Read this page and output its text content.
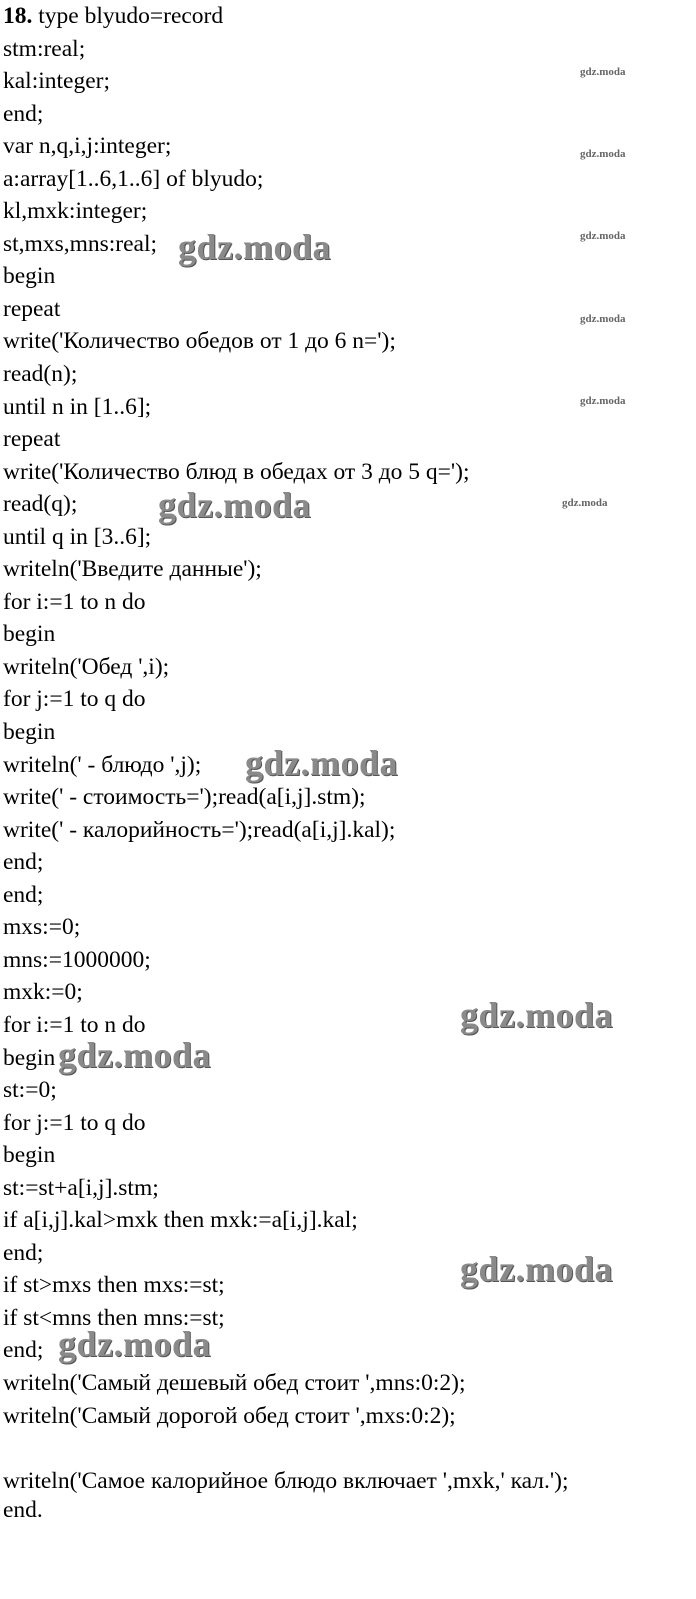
18. type blyudo=record
stm:real;
kal:integer;
end;
var n,q,i,j:integer;
a:array[1..6,1..6] of blyudo;
kl,mxk:integer;
st,mxs,mns:real;
begin
repeat
write('Количество обедов от 1 до 6 n=');
read(n);
until n in [1..6];
repeat
write('Количество блюд в обедах от 3 до 5 q=');
read(q);
until q in [3..6];
writeln('Введите данные');
for i:=1 to n do
begin
writeln('Обед ',i);
for j:=1 to q do
begin
writeln(' - блюдо ',j);
write(' - стоимость=');read(a[i,j].stm);
write(' - калорийность=');read(a[i,j].kal);
end;
end;
mxs:=0;
mns:=1000000;
mxk:=0;
for i:=1 to n do
begin
st:=0;
for j:=1 to q do
begin
st:=st+a[i,j].stm;
if a[i,j].kal>mxk then mxk:=a[i,j].kal;
end;
if st>mxs then mxs:=st;
if st<mns then mns:=st;
end;
writeln('Самый дешевый обед стоит ',mns:0:2);
writeln('Самый дорогой обед стоит ',mxs:0:2);
writeln('Самое калорийное блюдо включает ',mxk,' кал.');
end.
gdz.moda
gdz.moda
gdz.moda
gdz.moda
gdz.moda
gdz.moda
gdz.moda
gdz.moda
gdz.moda
gdz.moda
gdz.moda
gdz.moda
gdz.moda
